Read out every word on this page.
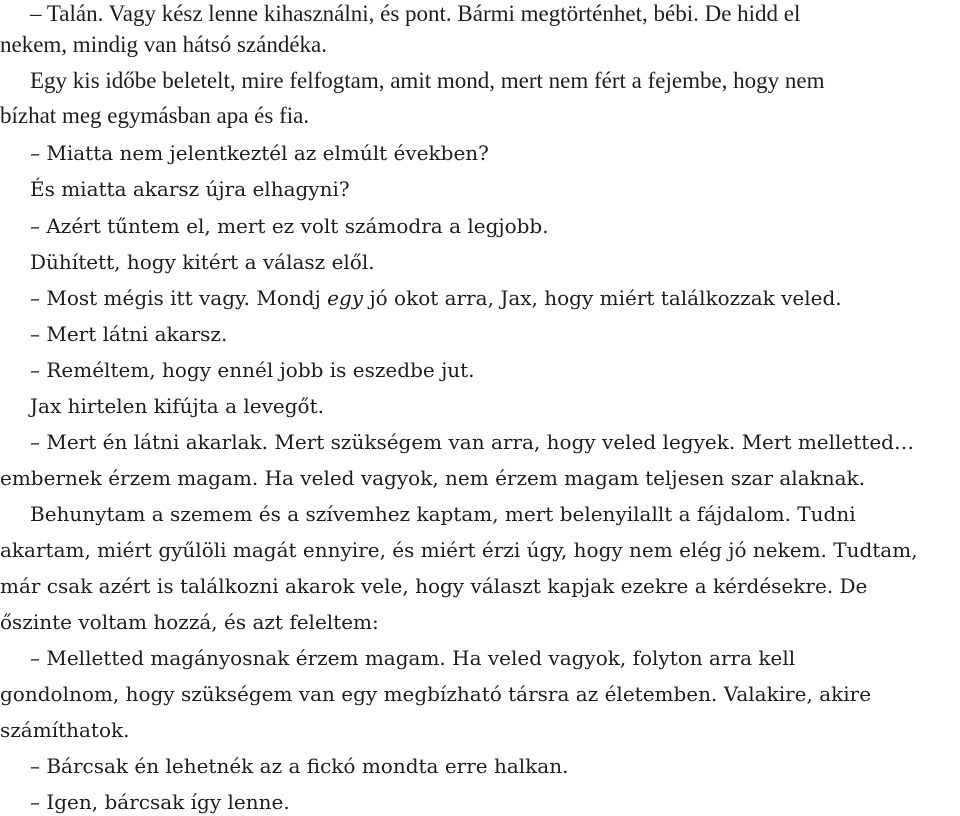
– Talán. Vagy kész lenne kihasználni, és pont. Bármi megtörténhet, bébi. De hidd el
nekem, mindig van hátsó szándéka.
Egy kis időbe beletelt, mire felfogtam, amit mond, mert nem fért a fejembe, hogy nem
bízhat meg egymásban apa és fia.
– Miatta nem jelentkeztél az elmúlt években?
És miatta akarsz újra elhagyni?
– Azért tűntem el, mert ez volt számodra a legjobb.
Dühített, hogy kitért a válasz elől.
– Most mégis itt vagy. Mondj egy jó okot arra, Jax, hogy miért találkozzak veled.
– Mert látni akarsz.
– Reméltem, hogy ennél jobb is eszedbe jut.
Jax hirtelen kifújta a levegőt.
– Mert én látni akarlak. Mert szükségem van arra, hogy veled legyek. Mert melletted…
embernek érzem magam. Ha veled vagyok, nem érzem magam teljesen szar alaknak.
Behunytam a szemem és a szívemhez kaptam, mert belenyilallt a fájdalom. Tudni
akartam, miért gyűlöli magát ennyire, és miért érzi úgy, hogy nem elég jó nekem. Tudtam,
már csak azért is találkozni akarok vele, hogy választ kapjak ezekre a kérdésekre. De
őszinte voltam hozzá, és azt feleltem:
– Melletted magányosnak érzem magam. Ha veled vagyok, folyton arra kell
gondolnom, hogy szükségem van egy megbízható társra az életemben. Valakire, akire
számíthatok.
– Bárcsak én lehetnék az a fickó mondta erre halkan.
– Igen, bárcsak így lenne.
